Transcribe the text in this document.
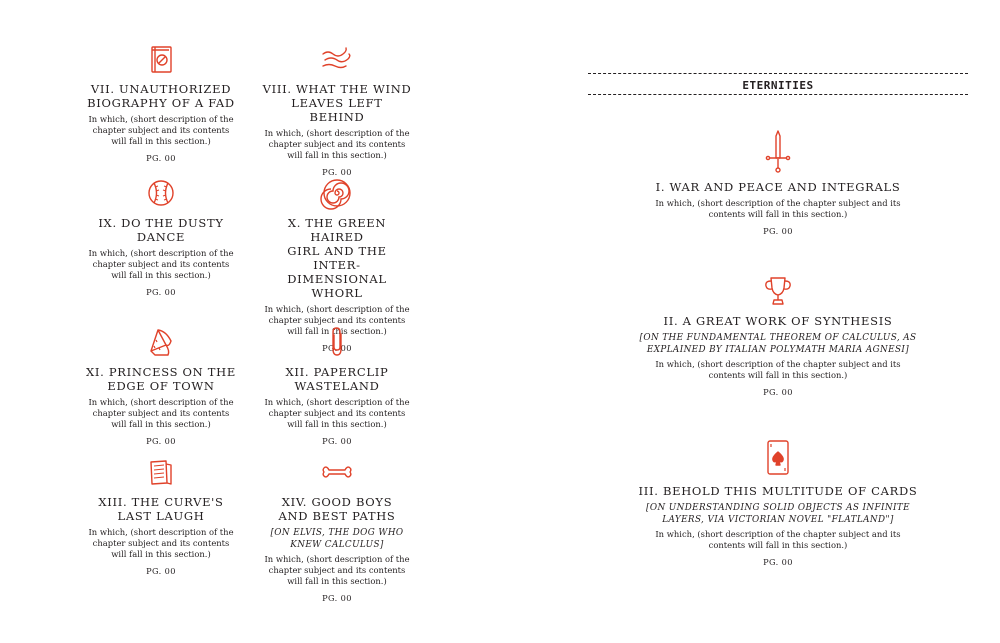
VII. UNAUTHORIZED
BIOGRAPHY OF A FAD
In which, (short description of the
chapter subject and its contents
will fall in this section.)
PG. 00
IX. DO THE DUSTY
DANCE
In which, (short description of the
chapter subject and its contents
will fall in this section.)
PG. 00
XI. PRINCESS ON THE
EDGE OF TOWN
In which, (short description of the
chapter subject and its contents
will fall in this section.)
PG. 00
XIII. THE CURVE'S
LAST LAUGH
In which, (short description of the
chapter subject and its contents
will fall in this section.)
PG. 00
VIII. WHAT THE WIND
LEAVES LEFT BEHIND
In which, (short description of the
chapter subject and its contents
will fall in this section.)
PG. 00
X. THE GREEN HAIRED
GIRL AND THE INTER-
DIMENSIONAL WHORL
In which, (short description of the
chapter subject and its contents
will fall in this section.)
PG. 00
XII. PAPERCLIP
WASTELAND
In which, (short description of the
chapter subject and its contents
will fall in this section.)
PG. 00
XIV. GOOD BOYS
AND BEST PATHS
[ON ELVIS, THE DOG WHO
KNEW CALCULUS]
In which, (short description of the
chapter subject and its contents
will fall in this section.)
PG. 00
ETERNITIES
I. WAR AND PEACE AND INTEGRALS
In which, (short description of the chapter subject and its
contents will fall in this section.)
PG. 00
II. A GREAT WORK OF SYNTHESIS
[ON THE FUNDAMENTAL THEOREM OF CALCULUS, AS
EXPLAINED BY ITALIAN POLYMATH MARIA AGNESI]
In which, (short description of the chapter subject and its
contents will fall in this section.)
PG. 00
III. BEHOLD THIS MULTITUDE OF CARDS
[ON UNDERSTANDING SOLID OBJECTS AS INFINITE
LAYERS, VIA VICTORIAN NOVEL "FLATLAND"]
In which, (short description of the chapter subject and its
contents will fall in this section.)
PG. 00
